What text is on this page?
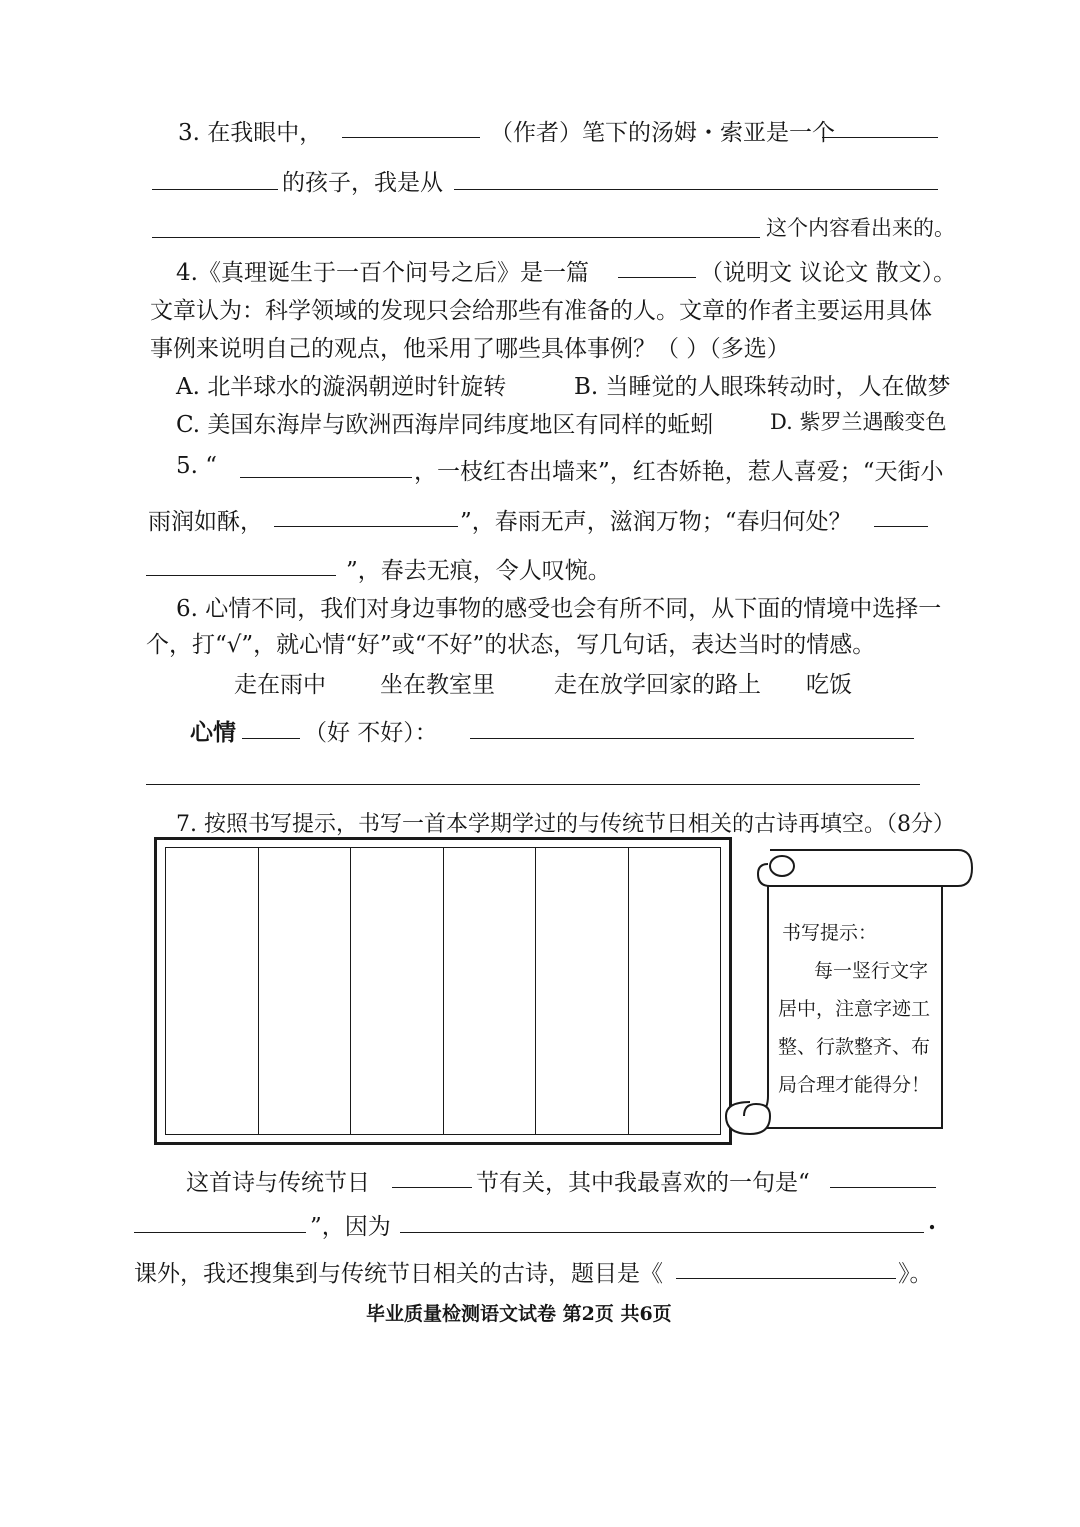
3. 在我眼中，	（作者）笔下的汤姆・索亚是一个
的孩子，我是从
这个内容看出来的。
4.《真理诞生于一百个问号之后》是一篇	（说明文 议论文 散文）。
文章认为：科学领域的发现只会给那些有准备的人。文章的作者主要运用具体
事例来说明自己的观点，他采用了哪些具体事例？（ ）（多选）
A. 北半球水的漩涡朝逆时针旋转	B. 当睡觉的人眼珠转动时，人在做梦
C. 美国东海岸与欧洲西海岸同纬度地区有同样的蚯蚓	D. 紫罗兰遇酸变色
5. “	，一枝红杏出墙来”，红杏娇艳，惹人喜爱；“天街小
雨润如酥，	”，春雨无声，滋润万物；“春归何处？
”，春去无痕，令人叹惋。
6. 心情不同，我们对身边事物的感受也会有所不同，从下面的情境中选择一
个，打“√”，就心情“好”或“不好”的状态，写几句话，表达当时的情感。
走在雨中 坐在教室里	走在放学回家的路上 吃饭
心情	（好 不好）：
7. 按照书写提示，书写一首本学期学过的与传统节日相关的古诗再填空。（8分）
书写提示：
每一竖行文字
居中，注意字迹工
整、行款整齐、布
局合理才能得分！
这首诗与传统节日	节有关，其中我最喜欢的一句是“
”，因为	.
课外，我还搜集到与传统节日相关的古诗，题目是《	》。
毕业质量检测语文试卷 第2页 共6页
